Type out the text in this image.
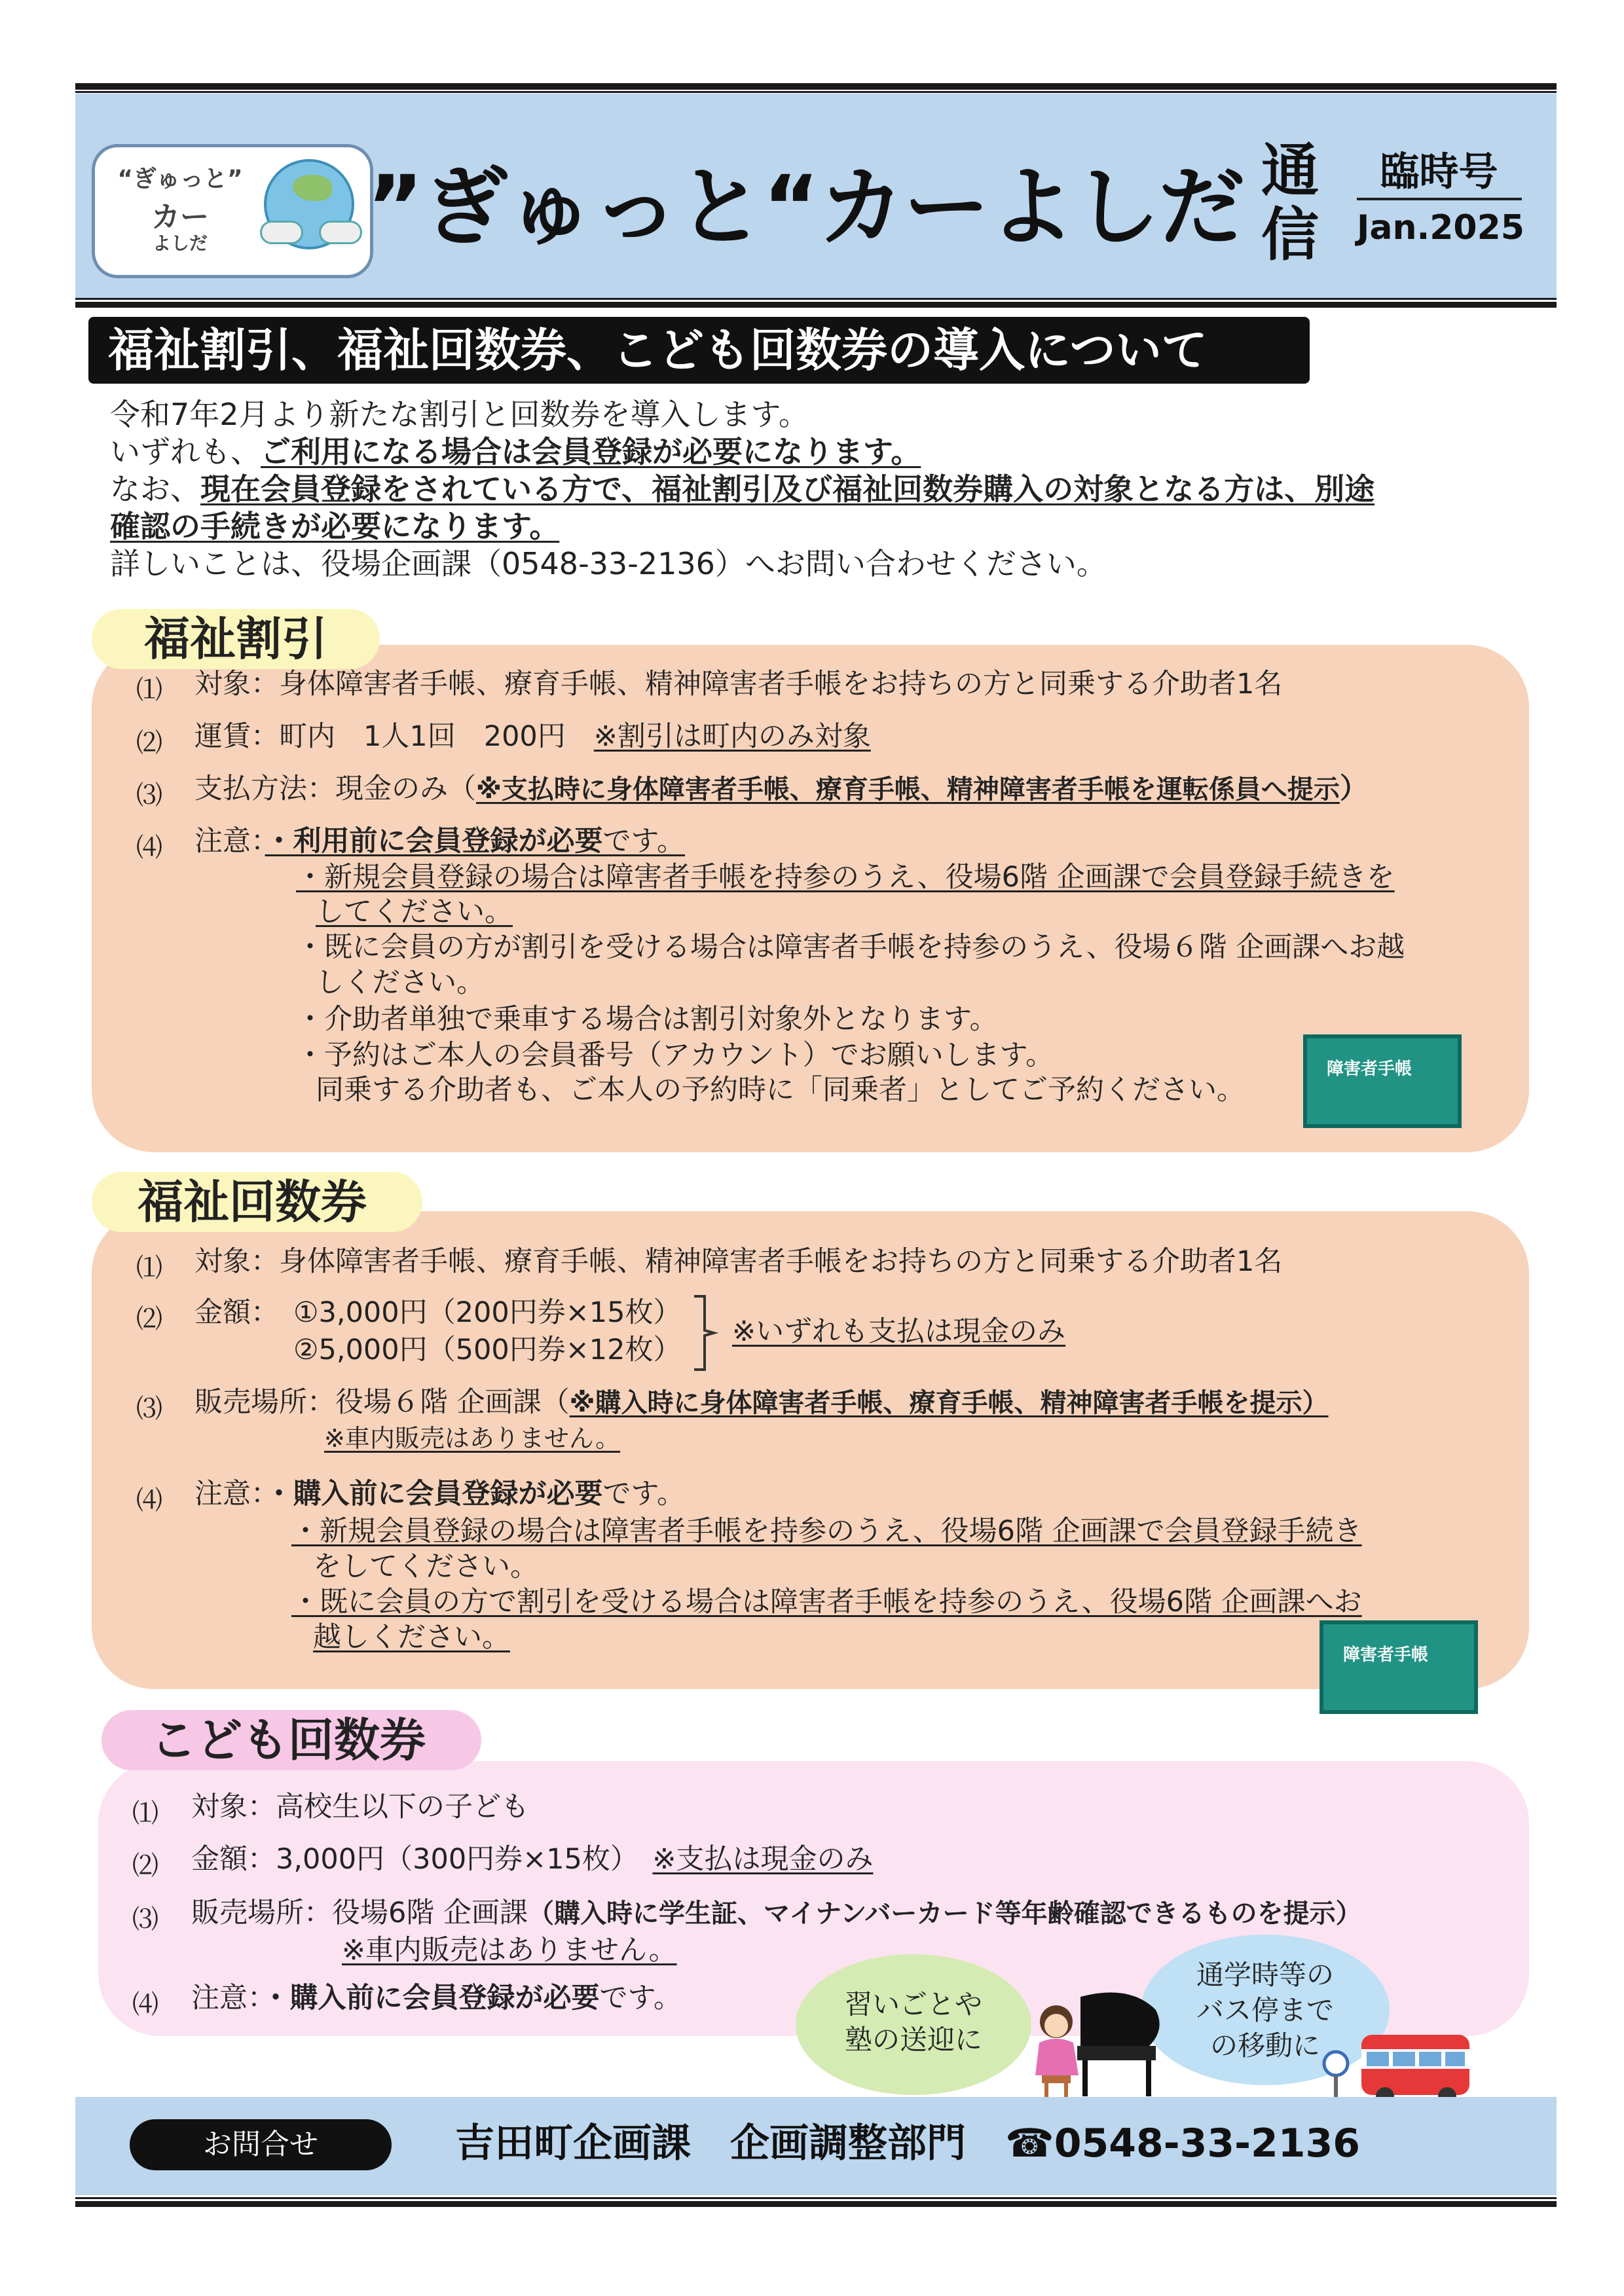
“ぎゅっと”
カー
よしだ	”ぎゅっと“カーよしだ 通
信
臨時号
Jan.2025
福祉割引、福祉回数券、こども回数券の導入について
令和7年2月より新たな割引と回数券を導入します。
いずれも、ご利用になる場合は会員登録が必要になります。
なお、現在会員登録をされている方で、福祉割引及び福祉回数券購入の対象となる方は、別途
確認の手続きが必要になります。
詳しいことは、役場企画課（0548-33-2136）へお問い合わせください。
福祉割引
⑴ 対象：身体障害者手帳、療育手帳、精神障害者手帳をお持ちの方と同乗する介助者1名
⑵ 運賃：町内　1人1回　200円　※割引は町内のみ対象
⑶ 支払方法：現金のみ（※支払時に身体障害者手帳、療育手帳、精神障害者手帳を運転係員へ提示）
⑷ 注意：・利用前に会員登録が必要です。
・新規会員登録の場合は障害者手帳を持参のうえ、役場6階 企画課で会員登録手続きを
してください。
・既に会員の方が割引を受ける場合は障害者手帳を持参のうえ、役場６階 企画課へお越
しください。
・介助者単独で乗車する場合は割引対象外となります。
・予約はご本人の会員番号（アカウント）でお願いします。
同乗する介助者も、ご本人の予約時に「同乗者」としてご予約ください。
障害者手帳
福祉回数券
⑴ 対象：身体障害者手帳、療育手帳、精神障害者手帳をお持ちの方と同乗する介助者1名
⑵ 金額： ①3,000円（200円券×15枚）
②5,000円（500円券×12枚）
※いずれも支払は現金のみ
⑶ 販売場所：役場６階 企画課（※購入時に身体障害者手帳、療育手帳、精神障害者手帳を提示）
※車内販売はありません。
⑷ 注意：・購入前に会員登録が必要です。
・新規会員登録の場合は障害者手帳を持参のうえ、役場6階 企画課で会員登録手続き
をしてください。
・既に会員の方で割引を受ける場合は障害者手帳を持参のうえ、役場6階 企画課へお
越しください。
障害者手帳
こども回数券
⑴ 対象：高校生以下の子ども
⑵ 金額：3,000円（300円券×15枚）　※支払は現金のみ
⑶ 販売場所：役場6階 企画課（購入時に学生証、マイナンバーカード等年齢確認できるものを提示）
※車内販売はありません。
⑷ 注意：・購入前に会員登録が必要です。	習いごとや
塾の送迎に
通学時等の
バス停まで
の移動に
お問合せ	吉田町企画課　企画調整部門　☎0548-33-2136
